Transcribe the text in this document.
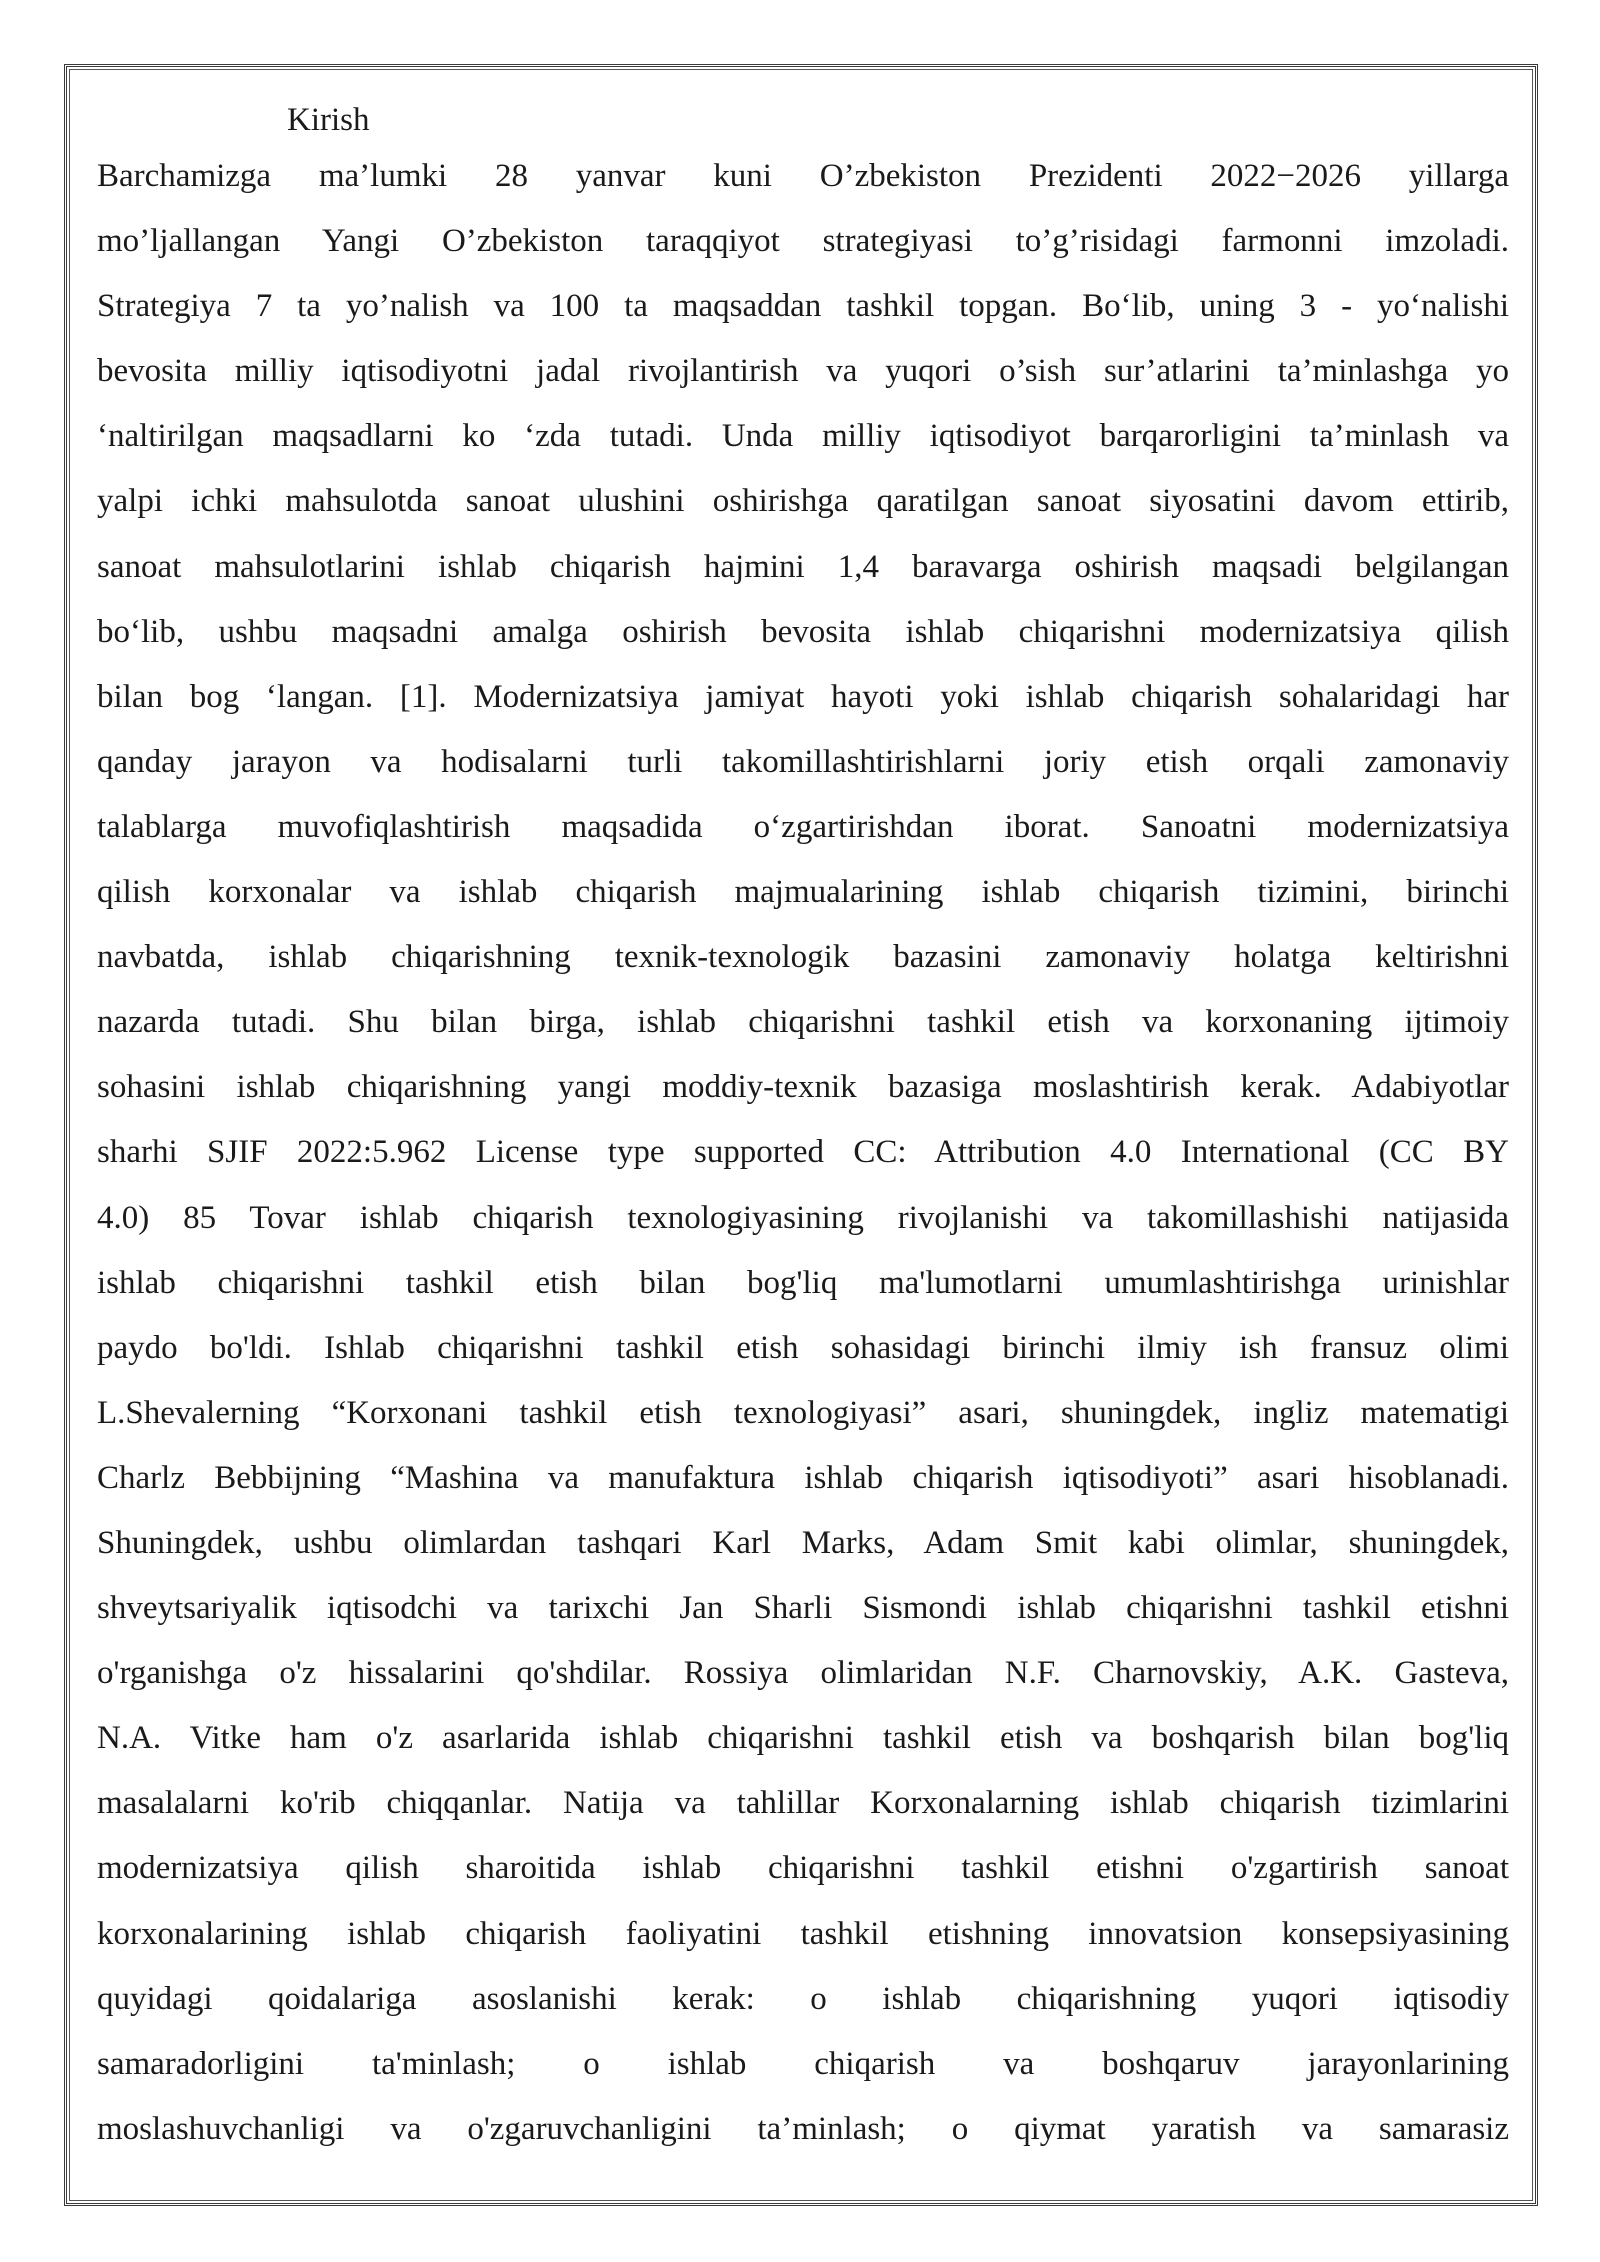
Kirish
Barchamizga ma’lumki 28 yanvar kuni O’zbekiston Prezidenti 2022−2026 yillarga
mo’ljallangan Yangi O’zbekiston taraqqiyot strategiyasi to’g’risidagi farmonni imzoladi.
Strategiya 7 ta yo’nalish va 100 ta maqsaddan tashkil topgan. Bo‘lib, uning 3 - yo‘nalishi
bevosita milliy iqtisodiyotni jadal rivojlantirish va yuqori o’sish sur’atlarini ta’minlashga yo
‘naltirilgan maqsadlarni ko ‘zda tutadi. Unda milliy iqtisodiyot barqarorligini ta’minlash va
yalpi ichki mahsulotda sanoat ulushini oshirishga qaratilgan sanoat siyosatini davom ettirib,
sanoat mahsulotlarini ishlab chiqarish hajmini 1,4 baravarga oshirish maqsadi belgilangan
bo‘lib, ushbu maqsadni amalga oshirish bevosita ishlab chiqarishni modernizatsiya qilish
bilan bog ‘langan. [1]. Modernizatsiya jamiyat hayoti yoki ishlab chiqarish sohalaridagi har
qanday jarayon va hodisalarni turli takomillashtirishlarni joriy etish orqali zamonaviy
talablarga muvofiqlashtirish maqsadida o‘zgartirishdan iborat. Sanoatni modernizatsiya
qilish korxonalar va ishlab chiqarish majmualarining ishlab chiqarish tizimini, birinchi
navbatda, ishlab chiqarishning texnik-texnologik bazasini zamonaviy holatga keltirishni
nazarda tutadi. Shu bilan birga, ishlab chiqarishni tashkil etish va korxonaning ijtimoiy
sohasini ishlab chiqarishning yangi moddiy-texnik bazasiga moslashtirish kerak. Adabiyotlar
sharhi SJIF 2022:5.962 License type supported CC: Attribution 4.0 International (CC BY
4.0) 85 Tovar ishlab chiqarish texnologiyasining rivojlanishi va takomillashishi natijasida
ishlab chiqarishni tashkil etish bilan bog'liq ma'lumotlarni umumlashtirishga urinishlar
paydo bo'ldi. Ishlab chiqarishni tashkil etish sohasidagi birinchi ilmiy ish fransuz olimi
L.Shevalerning “Korxonani tashkil etish texnologiyasi” asari, shuningdek, ingliz matematigi
Charlz Bebbijning “Mashina va manufaktura ishlab chiqarish iqtisodiyoti” asari hisoblanadi.
Shuningdek, ushbu olimlardan tashqari Karl Marks, Adam Smit kabi olimlar, shuningdek,
shveytsariyalik iqtisodchi va tarixchi Jan Sharli Sismondi ishlab chiqarishni tashkil etishni
o'rganishga o'z hissalarini qo'shdilar. Rossiya olimlaridan N.F. Charnovskiy, A.K. Gasteva,
N.A. Vitke ham o'z asarlarida ishlab chiqarishni tashkil etish va boshqarish bilan bog'liq
masalalarni ko'rib chiqqanlar. Natija va tahlillar Korxonalarning ishlab chiqarish tizimlarini
modernizatsiya qilish sharoitida ishlab chiqarishni tashkil etishni o'zgartirish sanoat
korxonalarining ishlab chiqarish faoliyatini tashkil etishning innovatsion konsepsiyasining
quyidagi qoidalariga asoslanishi kerak: o ishlab chiqarishning yuqori iqtisodiy
samaradorligini ta'minlash; o ishlab chiqarish va boshqaruv jarayonlarining
moslashuvchanligi va o'zgaruvchanligini ta’minlash; o qiymat yaratish va samarasiz
